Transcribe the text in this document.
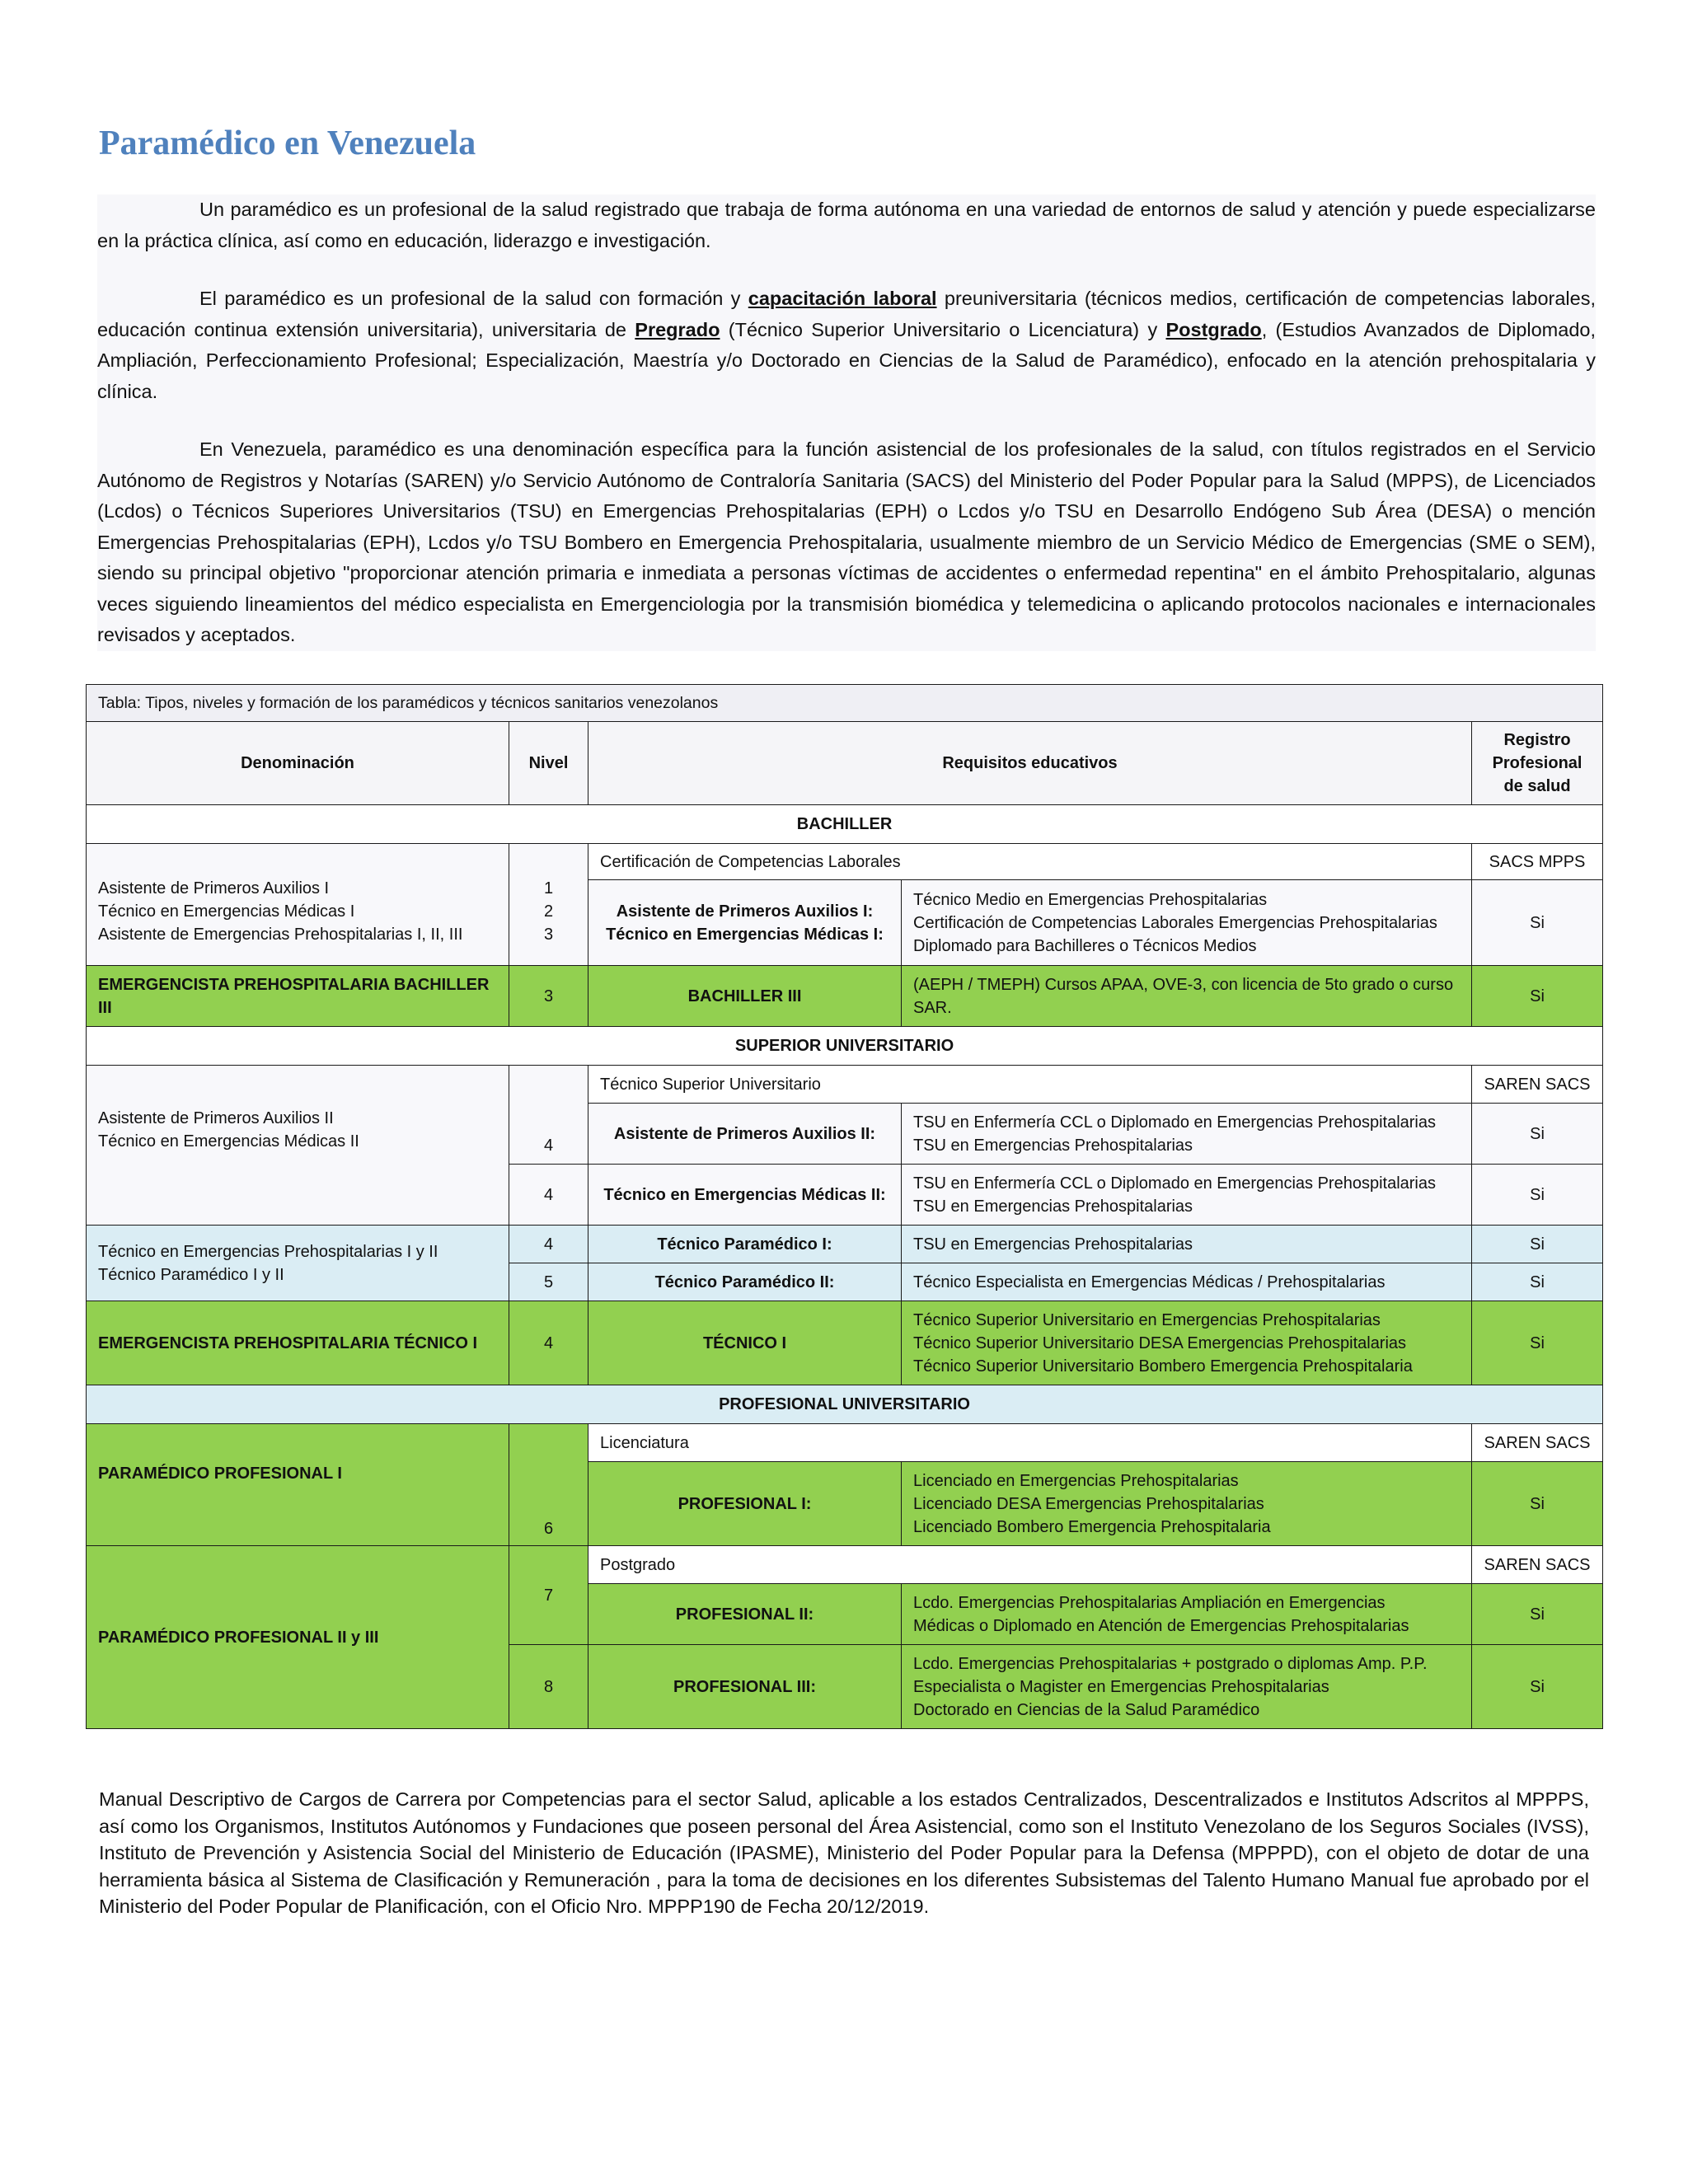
Paramédico en Venezuela

Un paramédico es un profesional de la salud registrado que trabaja de forma autónoma en una variedad de entornos de salud y atención y puede especializarse en la práctica clínica, así como en educación, liderazgo e investigación.

El paramédico es un profesional de la salud con formación y capacitación laboral preuniversitaria (técnicos medios, certificación de competencias laborales, educación continua extensión universitaria), universitaria de Pregrado (Técnico Superior Universitario o Licenciatura) y Postgrado, (Estudios Avanzados de Diplomado, Ampliación, Perfeccionamiento Profesional; Especialización, Maestría y/o Doctorado en Ciencias de la Salud de Paramédico), enfocado en la atención prehospitalaria y clínica.

En Venezuela, paramédico es una denominación específica para la función asistencial de los profesionales de la salud, con títulos registrados en el Servicio Autónomo de Registros y Notarías (SAREN) y/o Servicio Autónomo de Contraloría Sanitaria (SACS) del Ministerio del Poder Popular para la Salud (MPPS), de Licenciados (Lcdos) o Técnicos Superiores Universitarios (TSU) en Emergencias Prehospitalarias (EPH) o Lcdos y/o TSU en Desarrollo Endógeno Sub Área (DESA) o mención Emergencias Prehospitalarias (EPH), Lcdos y/o TSU Bombero en Emergencia Prehospitalaria, usualmente miembro de un Servicio Médico de Emergencias (SME o SEM), siendo su principal objetivo "proporcionar atención primaria e inmediata a personas víctimas de accidentes o enfermedad repentina" en el ámbito Prehospitalario, algunas veces siguiendo lineamientos del médico especialista en Emergenciologia por la transmisión biomédica y telemedicina o aplicando protocolos nacionales e internacionales revisados y aceptados.

Tabla: Tipos, niveles y formación de los paramédicos y técnicos sanitarios venezolanos				
Denominación	Nivel	Requisitos educativos		Registro
Profesional
de salud

BACHILLER				

Asistente de Primeros Auxilios I
Técnico en Emergencias Médicas I
Asistente de Emergencias Prehospitalarias I, II, III	1
2
3	Certificación de Competencias Laborales		SACS MPPS

		Asistente de Primeros Auxilios I:
Técnico en Emergencias Médicas I:	Técnico Medio en Emergencias Prehospitalarias
Certificación de Competencias Laborales Emergencias Prehospitalarias
Diplomado para Bachilleres o Técnicos Medios	Si
EMERGENCISTA PREHOSPITALARIA BACHILLER III	3	BACHILLER III	(AEPH / TMEPH) Cursos APAA, OVE-3, con licencia de 5to grado o curso SAR.	Si
SUPERIOR UNIVERSITARIO				

Asistente de Primeros Auxilios II
Técnico en Emergencias Médicas II	4	Técnico Superior Universitario		SAREN SACS
		Asistente de Primeros Auxilios II:	TSU en Enfermería CCL o Diplomado en Emergencias Prehospitalarias
TSU en Emergencias Prehospitalarias	Si
	4	Técnico en Emergencias Médicas II:	TSU en Enfermería CCL o Diplomado en Emergencias Prehospitalarias
TSU en Emergencias Prehospitalarias	Si

Técnico en Emergencias Prehospitalarias I y II
Técnico Paramédico I y II	4	Técnico Paramédico I:	TSU en Emergencias Prehospitalarias	Si
	5	Técnico Paramédico II:	Técnico Especialista en Emergencias Médicas / Prehospitalarias	Si
EMERGENCISTA PREHOSPITALARIA TÉCNICO I	4	TÉCNICO I	Técnico Superior Universitario en Emergencias Prehospitalarias
Técnico Superior Universitario DESA Emergencias Prehospitalarias
Técnico Superior Universitario Bombero Emergencia Prehospitalaria	Si
PROFESIONAL UNIVERSITARIO				
PARAMÉDICO PROFESIONAL I	6	Licenciatura		SAREN SACS
		PROFESIONAL I:	Licenciado en Emergencias Prehospitalarias
Licenciado DESA Emergencias Prehospitalarias
Licenciado Bombero Emergencia Prehospitalaria	Si
PARAMÉDICO PROFESIONAL II y III	7	Postgrado		SAREN SACS
		PROFESIONAL II:	Lcdo. Emergencias Prehospitalarias Ampliación en Emergencias
Médicas o Diplomado en Atención de Emergencias Prehospitalarias	Si
	8	PROFESIONAL III:	Lcdo. Emergencias Prehospitalarias + postgrado o diplomas Amp. P.P.
Especialista o Magister en Emergencias Prehospitalarias
Doctorado en Ciencias de la Salud Paramédico	Si

Manual Descriptivo de Cargos de Carrera por Competencias para el sector Salud, aplicable a los estados Centralizados, Descentralizados e Institutos Adscritos al MPPPS, así como los Organismos, Institutos Autónomos y Fundaciones que poseen personal del Área Asistencial, como son el Instituto Venezolano de los Seguros Sociales (IVSS), Instituto de Prevención y Asistencia Social del Ministerio de Educación (IPASME), Ministerio del Poder Popular para la Defensa (MPPPD), con el objeto de dotar de una herramienta básica al Sistema de Clasificación y Remuneración , para la toma de decisiones en los diferentes Subsistemas del Talento Humano Manual fue aprobado por el Ministerio del Poder Popular de Planificación, con el Oficio Nro. MPPP190 de Fecha 20/12/2019.
